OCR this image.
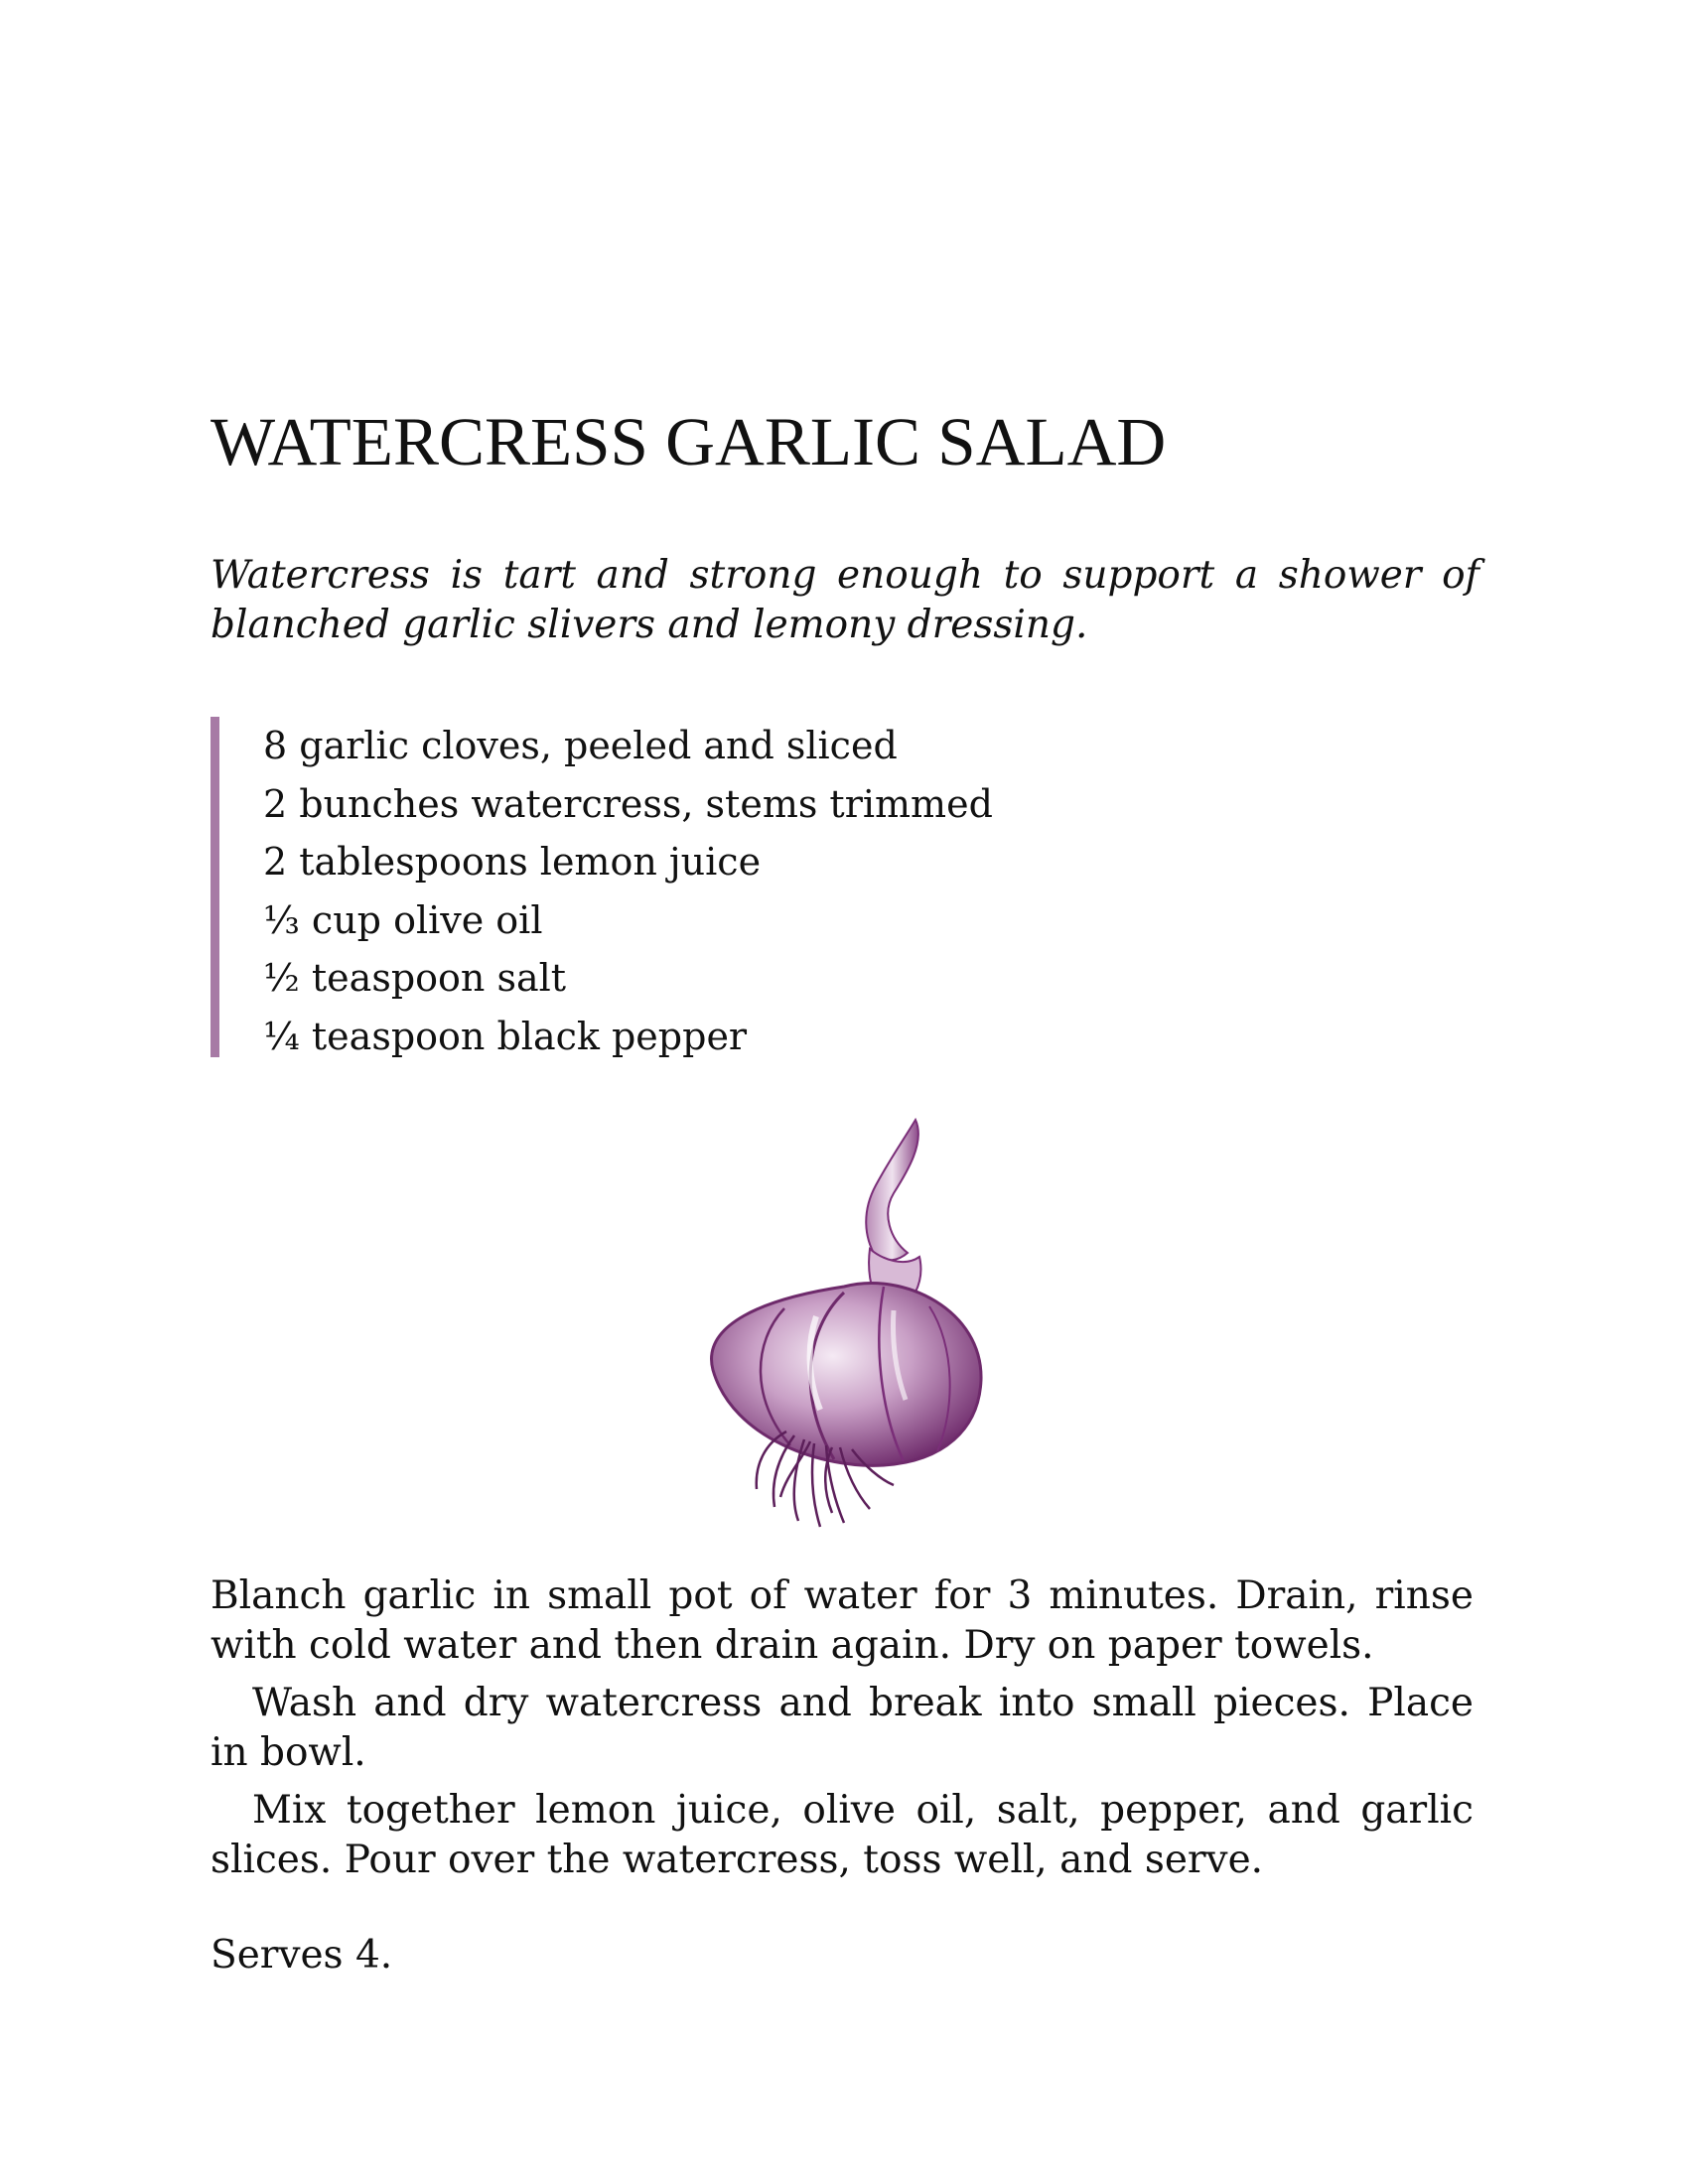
WATERCRESS GARLIC SALAD

Watercress is tart and strong enough to support a shower of blanched garlic slivers and lemony dressing.

8 garlic cloves, peeled and sliced
2 bunches watercress, stems trimmed
2 tablespoons lemon juice
⅓ cup olive oil
½ teaspoon salt
¼ teaspoon black pepper

Blanch garlic in small pot of water for 3 minutes. Drain, rinse with cold water and then drain again. Dry on paper towels.

Wash and dry watercress and break into small pieces. Place in bowl.

Mix together lemon juice, olive oil, salt, pepper, and garlic slices. Pour over the watercress, toss well, and serve.

Serves 4.
